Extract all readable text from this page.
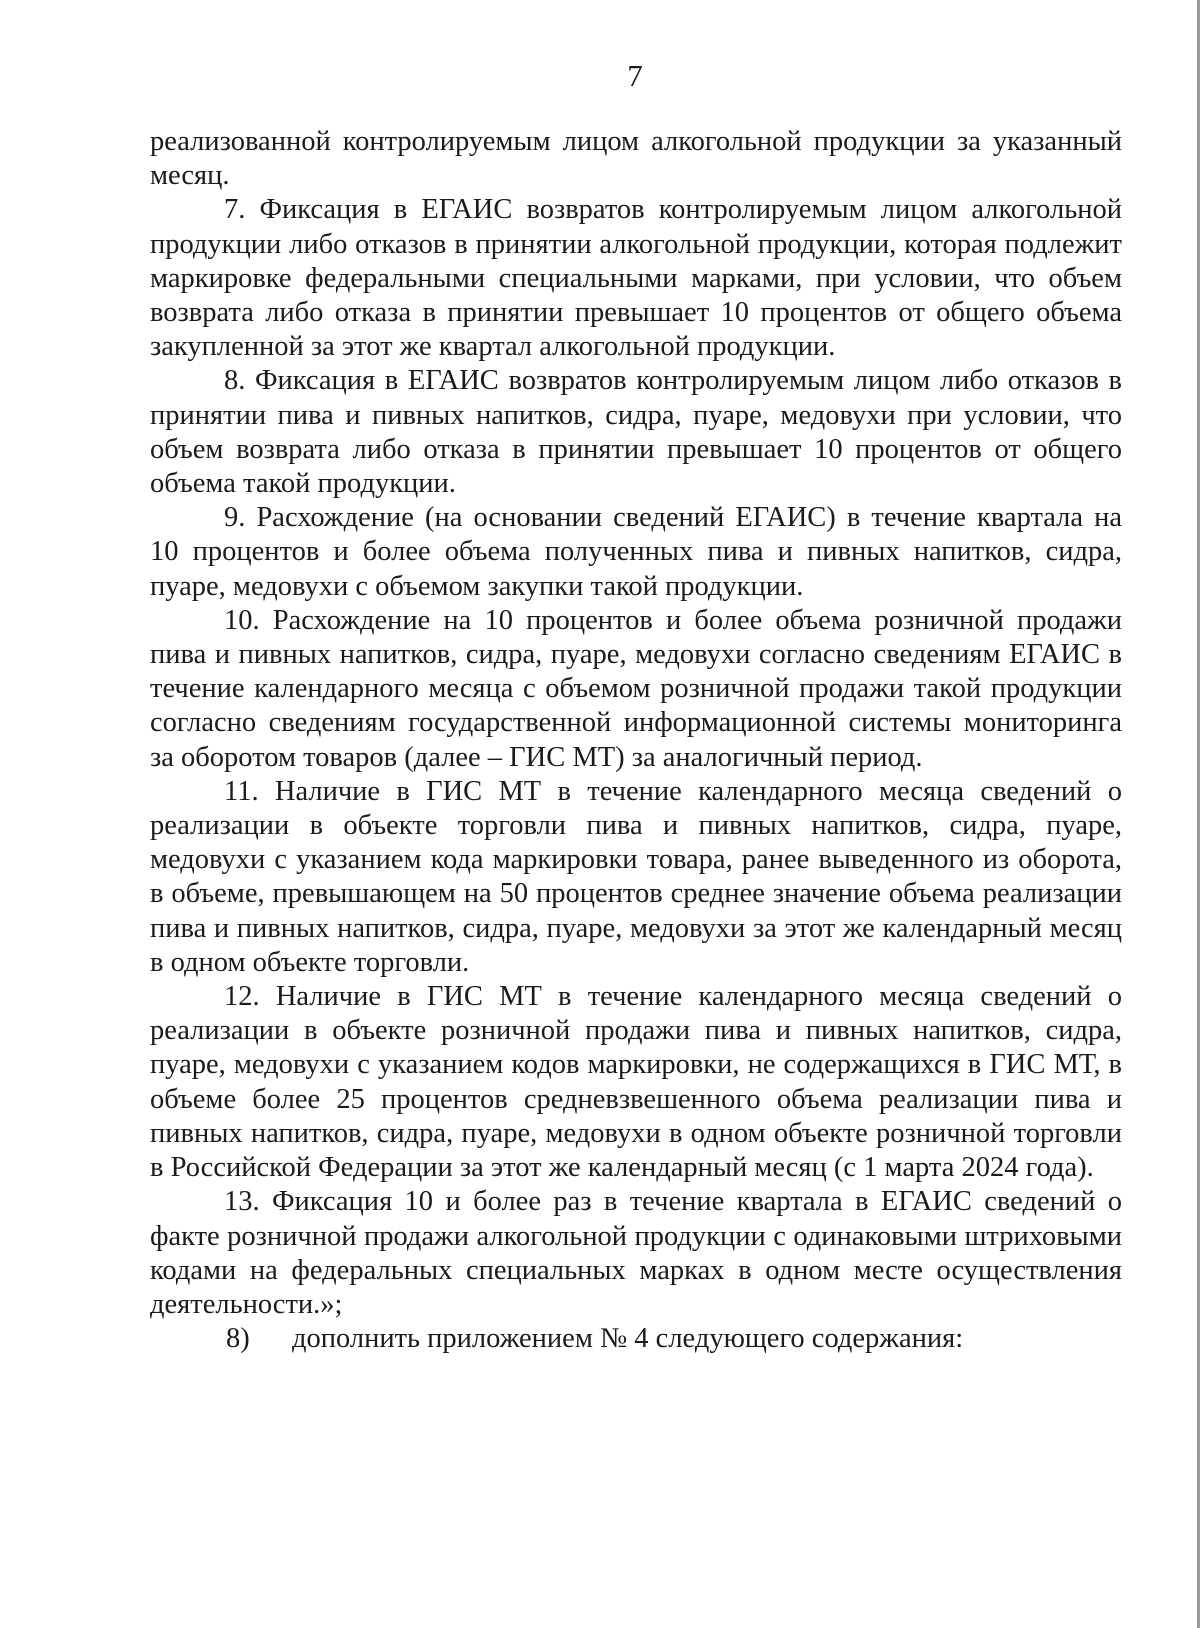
7

реализованной контролируемым лицом алкогольной продукции за указанный месяц.

7. Фиксация в ЕГАИС возвратов контролируемым лицом алкогольной продукции либо отказов в принятии алкогольной продукции, которая подлежит маркировке федеральными специальными марками, при условии, что объем возврата либо отказа в принятии превышает 10 процентов от общего объема закупленной за этот же квартал алкогольной продукции.

8. Фиксация в ЕГАИС возвратов контролируемым лицом либо отказов в принятии пива и пивных напитков, сидра, пуаре, медовухи при условии, что объем возврата либо отказа в принятии превышает 10 процентов от общего объема такой продукции.

9. Расхождение (на основании сведений ЕГАИС) в течение квартала на 10 процентов и более объема полученных пива и пивных напитков, сидра, пуаре, медовухи с объемом закупки такой продукции.

10. Расхождение на 10 процентов и более объема розничной продажи пива и пивных напитков, сидра, пуаре, медовухи согласно сведениям ЕГАИС в течение календарного месяца с объемом розничной продажи такой продукции согласно сведениям государственной информационной системы мониторинга за оборотом товаров (далее – ГИС МТ) за аналогичный период.

11. Наличие в ГИС МТ в течение календарного месяца сведений о реализации в объекте торговли пива и пивных напитков, сидра, пуаре, медовухи с указанием кода маркировки товара, ранее выведенного из оборота, в объеме, превышающем на 50 процентов среднее значение объема реализации пива и пивных напитков, сидра, пуаре, медовухи за этот же календарный месяц в одном объекте торговли.

12. Наличие в ГИС МТ в течение календарного месяца сведений о реализации в объекте розничной продажи пива и пивных напитков, сидра, пуаре, медовухи с указанием кодов маркировки, не содержащихся в ГИС МТ, в объеме более 25 процентов средневзвешенного объема реализации пива и пивных напитков, сидра, пуаре, медовухи в одном объекте розничной торговли в Российской Федерации за этот же календарный месяц (с 1 марта 2024 года).

13. Фиксация 10 и более раз в течение квартала в ЕГАИС сведений о факте розничной продажи алкогольной продукции с одинаковыми штриховыми кодами на федеральных специальных марках в одном месте осуществления деятельности.»;

8)	дополнить приложением № 4 следующего содержания:
